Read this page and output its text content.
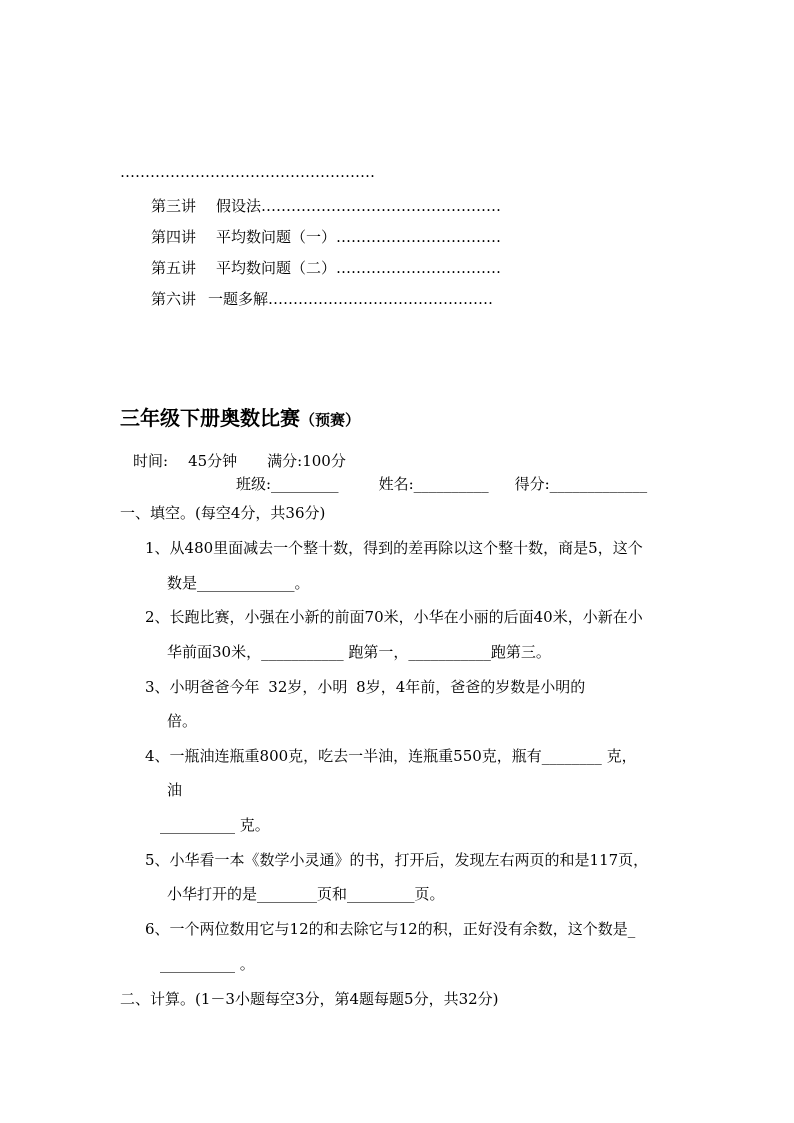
……………………………………………
第三讲 假设法…………………………………………
第四讲 平均数问题（一）……………………………
第五讲 平均数问题（二）……………………………
第六讲 一题多解………………………………………
三年级下册奥数比赛（预赛）
时间: 45分钟 满分:100分
班级:_________	姓名:__________ 得分:_____________
一、填空。(每空4分，共36分)
1、从480里面减去一个整十数，得到的差再除以这个整十数，商是5，这个
数是_____________。
2、长跑比赛，小强在小新的前面70米，小华在小丽的后面40米，小新在小
华前面30米，___________ 跑第一，___________跑第三。
3、小明爸爸今年 32岁，小明 8岁，4年前，爸爸的岁数是小明的
倍。
4、一瓶油连瓶重800克，吃去一半油，连瓶重550克，瓶有________ 克，
油
__________ 克。
5、小华看一本《数学小灵通》的书，打开后，发现左右两页的和是117页，
小华打开的是________页和_________页。
6、一个两位数用它与12的和去除它与12的积，正好没有余数，这个数是_
__________ 。
二、计算。(1－3小题每空3分，第4题每题5分，共32分)
